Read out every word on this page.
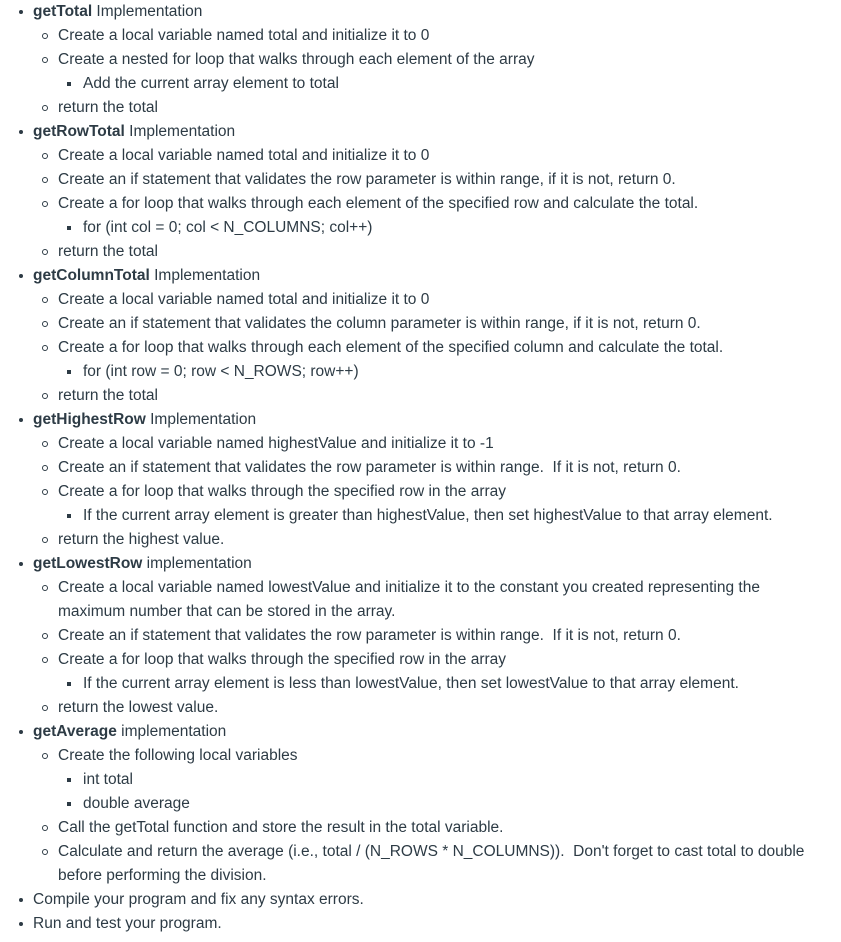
getTotal Implementation
Create a local variable named total and initialize it to 0
Create a nested for loop that walks through each element of the array
Add the current array element to total
return the total
getRowTotal Implementation
Create a local variable named total and initialize it to 0
Create an if statement that validates the row parameter is within range, if it is not, return 0.
Create a for loop that walks through each element of the specified row and calculate the total.
for (int col = 0; col < N_COLUMNS; col++)
return the total
getColumnTotal Implementation
Create a local variable named total and initialize it to 0
Create an if statement that validates the column parameter is within range, if it is not, return 0.
Create a for loop that walks through each element of the specified column and calculate the total.
for (int row = 0; row < N_ROWS; row++)
return the total
getHighestRow Implementation
Create a local variable named highestValue and initialize it to -1
Create an if statement that validates the row parameter is within range.  If it is not, return 0.
Create a for loop that walks through the specified row in the array
If the current array element is greater than highestValue, then set highestValue to that array element.
return the highest value.
getLowestRow implementation
Create a local variable named lowestValue and initialize it to the constant you created representing the maximum number that can be stored in the array.
Create an if statement that validates the row parameter is within range.  If it is not, return 0.
Create a for loop that walks through the specified row in the array
If the current array element is less than lowestValue, then set lowestValue to that array element.
return the lowest value.
getAverage implementation
Create the following local variables
int total
double average
Call the getTotal function and store the result in the total variable.
Calculate and return the average (i.e., total / (N_ROWS * N_COLUMNS)).  Don't forget to cast total to double before performing the division.
Compile your program and fix any syntax errors.
Run and test your program.
